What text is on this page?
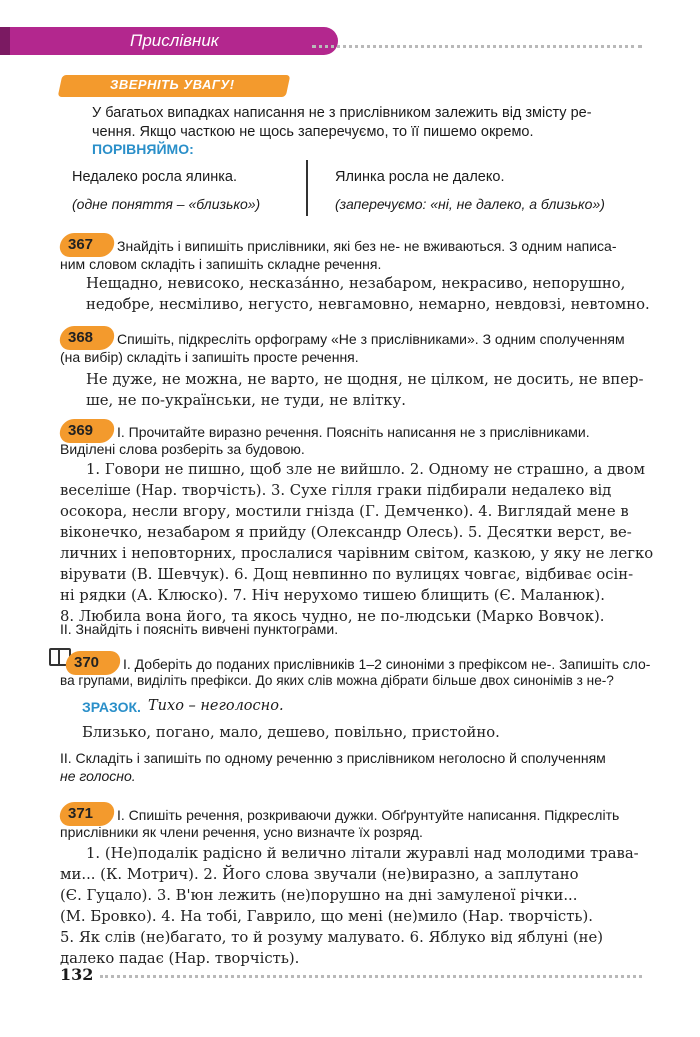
Прислівник
ЗВЕРНІТЬ УВАГУ!
У багатьох випадках написання не з прислівником залежить від змісту ре-
чення. Якщо часткою не щось заперечуємо, то її пишемо окремо.
ПОРІВНЯЙМО:
Недалеко росла ялинка.
(одне поняття – «близько»)
Ялинка росла не далеко.
(заперечуємо: «ні, не далеко, а близько»)
367 Знайдіть і випишіть прислівники, які без не- не вживаються. З одним написа-
ним словом складіть і запишіть складне речення.
Нещадно, невисоко, несказа́нно, незабаром, некрасиво, непорушно,
недобре, несміливо, негусто, невгамовно, немарно, невдовзі, невтомно.
368 Спишіть, підкресліть орфограму «Не з прислівниками». З одним сполученням
(на вибір) складіть і запишіть просте речення.
Не дуже, не можна, не варто, не щодня, не цілком, не досить, не впер-
ше, не по-українськи, не туди, не влітку.
369 І. Прочитайте виразно речення. Поясніть написання не з прислівниками.
Виділені слова розберіть за будовою.
1. Говори не пишно, щоб зле не вийшло. 2. Одному не страшно, а двом
веселіше (Нар. творчість). 3. Сухе гілля граки підбирали недалеко від
осокора, несли вгору, мостили гнізда (Г. Демченко). 4. Виглядай мене в
віконечко, незабаром я прийду (Олександр Олесь). 5. Десятки верст, ве-
личних і неповторних, прослалися чарівним світом, казкою, у яку не легко
вірувати (В. Шевчук). 6. Дощ невпинно по вулицях човгає, відбиває осін-
ні рядки (А. Клюско). 7. Ніч нерухомо тишею блищить (Є. Маланюк).
8. Любила вона його, та якось чудно, не по-людськи (Марко Вовчок).
ІІ. Знайдіть і поясніть вивчені пунктограми.
370 І. Доберіть до поданих прислівників 1–2 синоніми з префіксом не-. Запишіть сло-
ва групами, виділіть префікси. До яких слів можна дібрати більше двох синонімів з не-?
ЗРАЗОК. Тихо – неголосно.
Близько, погано, мало, дешево, повільно, пристойно.
ІІ. Складіть і запишіть по одному реченню з прислівником неголосно й сполученням
не голосно.
371 І. Спишіть речення, розкриваючи дужки. Обґрунтуйте написання. Підкресліть
прислівники як члени речення, усно визначте їх розряд.
1. (Не)подалік радісно й велично літали журавлі над молодими трава-
ми... (К. Мотрич). 2. Його слова звучали (не)виразно, а заплутано
(Є. Гуцало). 3. В'юн лежить (не)порушно на дні замуленої річки...
(М. Бровко). 4. На тобі, Гаврило, що мені (не)мило (Нар. творчість).
5. Як слів (не)багато, то й розуму малувато. 6. Яблуко від яблуні (не)
далеко падає (Нар. творчість).
132
